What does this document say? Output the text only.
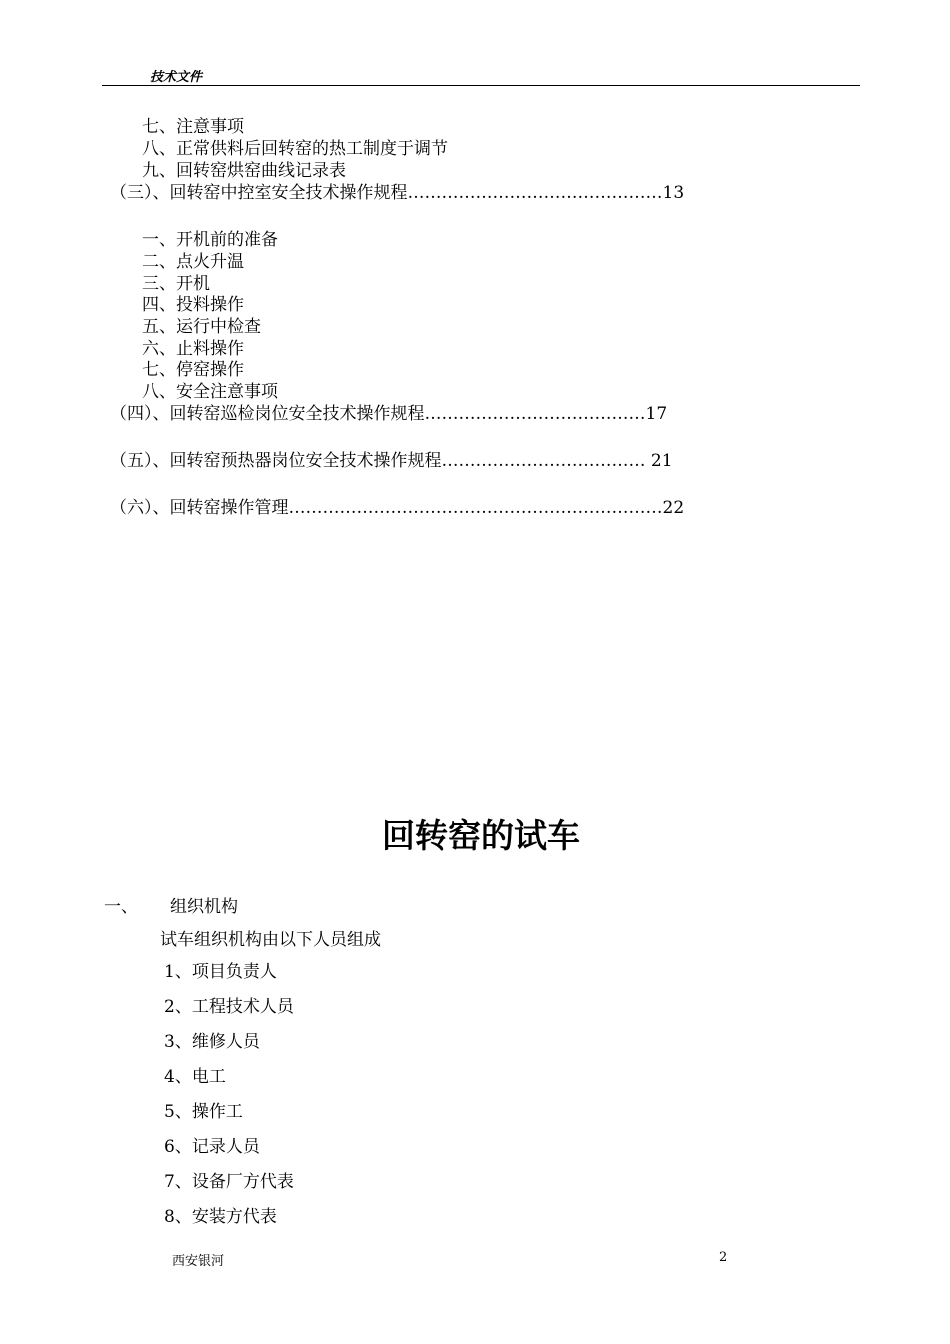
技术文件
七、注意事项
八、正常供料后回转窑的热工制度于调节
九、回转窑烘窑曲线记录表
（三）、回转窑中控室安全技术操作规程………………………………………13
一、开机前的准备
二、点火升温
三、开机
四、投料操作
五、运行中检查
六、止料操作
七、停窑操作
八、安全注意事项
（四）、回转窑巡检岗位安全技术操作规程…………………………………17
（五）、回转窑预热器岗位安全技术操作规程……………………………… 21
（六）、回转窑操作管理…………………………………………………………22
回转窑的试车
一、 组织机构
试车组织机构由以下人员组成
1、项目负责人
2、工程技术人员
3、维修人员
4、电工
5、操作工
6、记录人员
7、设备厂方代表
8、安装方代表
西安银河	2
